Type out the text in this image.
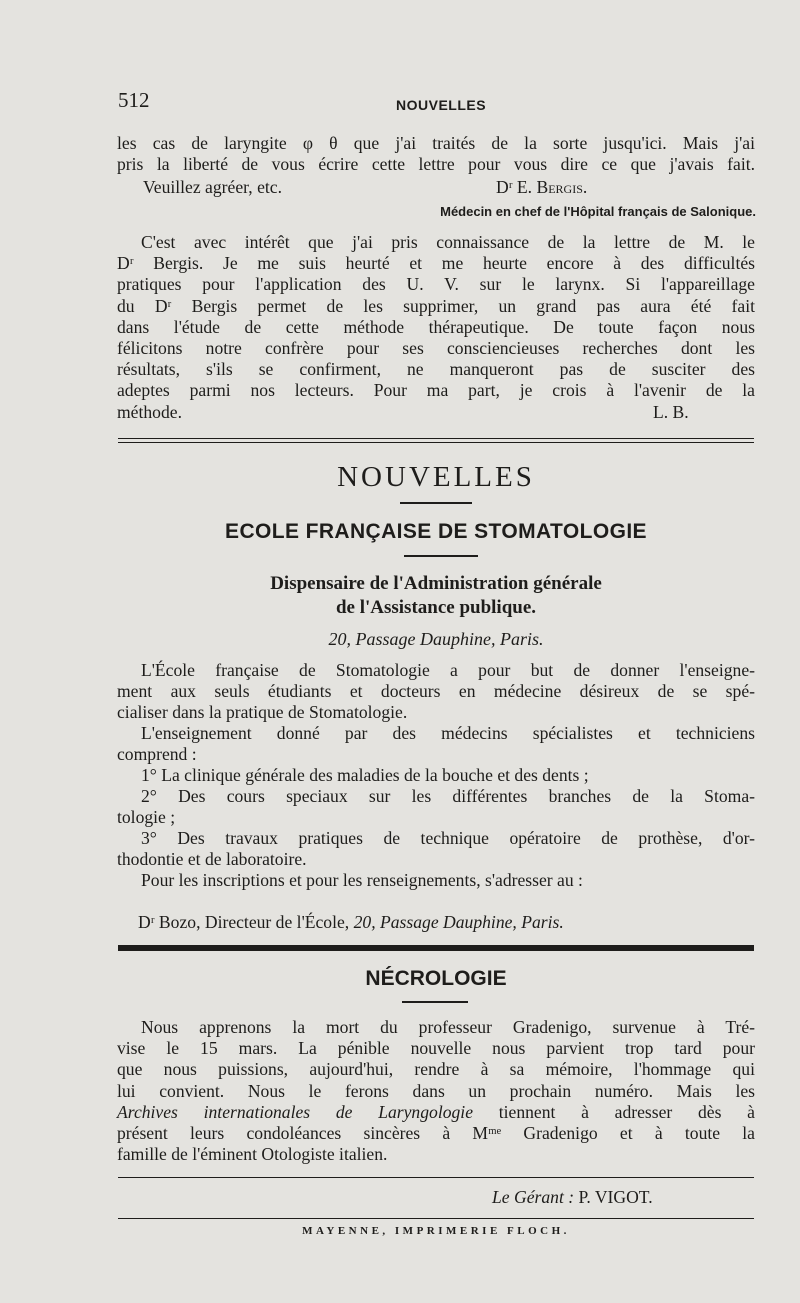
512	NOUVELLES
les cas de laryngite φ θ que j'ai traités de la sorte jusqu'ici. Mais j'ai
pris la liberté de vous écrire cette lettre pour vous dire ce que j'avais fait.
Veuillez agréer, etc.	Dʳ E. Bergis.
Médecin en chef de l'Hôpital français de Salonique.
C'est avec intérêt que j'ai pris connaissance de la lettre de M. le
Dʳ Bergis. Je me suis heurté et me heurte encore à des difficultés
pratiques pour l'application des U. V. sur le larynx. Si l'appareillage
du Dʳ Bergis permet de les supprimer, un grand pas aura été fait
dans l'étude de cette méthode thérapeutique. De toute façon nous
félicitons notre confrère pour ses consciencieuses recherches dont les
résultats, s'ils se confirment, ne manqueront pas de susciter des
adeptes parmi nos lecteurs. Pour ma part, je crois à l'avenir de la
méthode.	L. B.
NOUVELLES
ECOLE FRANÇAISE DE STOMATOLOGIE
Dispensaire de l'Administration générale
de l'Assistance publique.
20, Passage Dauphine, Paris.
L'École française de Stomatologie a pour but de donner l'enseigne-
ment aux seuls étudiants et docteurs en médecine désireux de se spé-
cialiser dans la pratique de Stomatologie.
L'enseignement donné par des médecins spécialistes et techniciens
comprend :
1° La clinique générale des maladies de la bouche et des dents ;
2° Des cours speciaux sur les différentes branches de la Stoma-
tologie ;
3° Des travaux pratiques de technique opératoire de prothèse, d'or-
thodontie et de laboratoire.
Pour les inscriptions et pour les renseignements, s'adresser au :
Dʳ Bozo, Directeur de l'École, 20, Passage Dauphine, Paris.
NÉCROLOGIE
Nous apprenons la mort du professeur Gradenigo, survenue à Tré-
vise le 15 mars. La pénible nouvelle nous parvient trop tard pour
que nous puissions, aujourd'hui, rendre à sa mémoire, l'hommage qui
lui convient. Nous le ferons dans un prochain numéro. Mais les
Archives internationales de Laryngologie tiennent à adresser dès à
présent leurs condoléances sincères à Mᵐᵉ Gradenigo et à toute la
famille de l'éminent Otologiste italien.
Le Gérant : P. VIGOT.
MAYENNE, IMPRIMERIE FLOCH.
